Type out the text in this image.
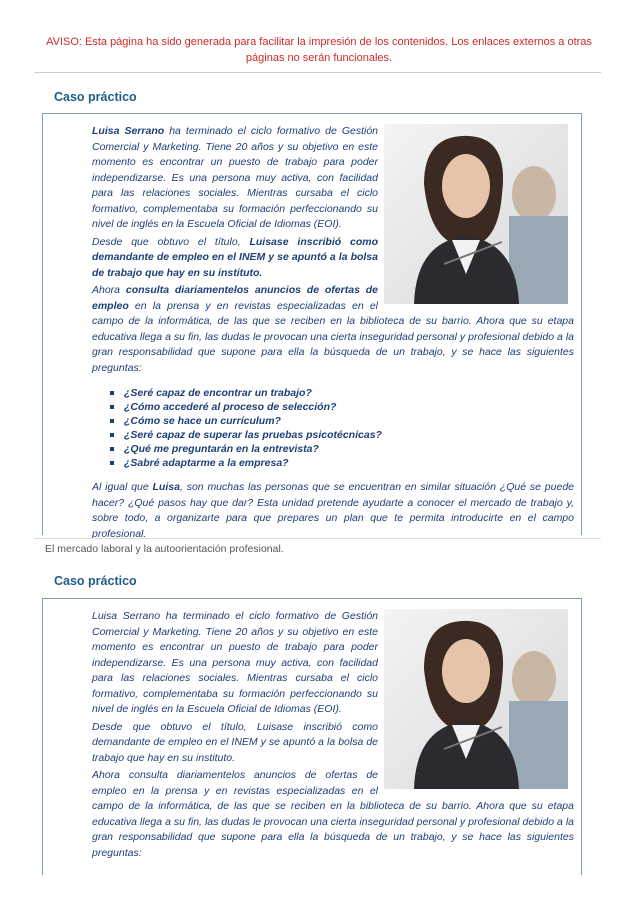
AVISO: Esta página ha sido generada para facilitar la impresión de los contenidos. Los enlaces externos a otras páginas no serán funcionales.
Caso práctico

Luisa Serrano ha terminado el ciclo formativo de Gestión Comercial y Marketing. Tiene 20 años y su objetivo en este momento es encontrar un puesto de trabajo para poder independizarse. Es una persona muy activa, con facilidad para las relaciones sociales. Mientras cursaba el ciclo formativo, complementaba su formación perfeccionando su nivel de inglés en la Escuela Oficial de Idiomas (EOI).

Desde que obtuvo el título, Luisase inscribió como demandante de empleo en el INEM y se apuntó a la bolsa de trabajo que hay en su instituto.

Ahora consulta diariamentelos anuncios de ofertas de empleo en la prensa y en revistas especializadas en el campo de la informática, de las que se reciben en la biblioteca de su barrio. Ahora que su etapa educativa llega a su fin, las dudas le provocan una cierta inseguridad personal y profesional debido a la gran responsabilidad que supone para ella la búsqueda de un trabajo, y se hace las siguientes preguntas:

¿Seré capaz de encontrar un trabajo?
¿Cómo accederé al proceso de selección?
¿Cómo se hace un currículum?
¿Seré capaz de superar las pruebas psicotécnicas?
¿Qué me preguntarán en la entrevista?
¿Sabré adaptarme a la empresa?

Al igual que Luisa, son muchas las personas que se encuentran en similar situación ¿Qué se puede hacer? ¿Qué pasos hay que dar? Esta unidad pretende ayudarte a conocer el mercado de trabajo y, sobre todo, a organizarte para que prepares un plan que te permita introducirte en el campo profesional.

El mercado laboral y la autoorientación profesional.
Caso práctico

Luisa Serrano ha terminado el ciclo formativo de Gestión Comercial y Marketing. Tiene 20 años y su objetivo en este momento es encontrar un puesto de trabajo para poder independizarse. Es una persona muy activa, con facilidad para las relaciones sociales. Mientras cursaba el ciclo formativo, complementaba su formación perfeccionando su nivel de inglés en la Escuela Oficial de Idiomas (EOI).

Desde que obtuvo el título, Luisase inscribió como demandante de empleo en el INEM y se apuntó a la bolsa de trabajo que hay en su instituto.

Ahora consulta diariamentelos anuncios de ofertas de empleo en la prensa y en revistas especializadas en el campo de la informática, de las que se reciben en la biblioteca de su barrio. Ahora que su etapa educativa llega a su fin, las dudas le provocan una cierta inseguridad personal y profesional debido a la gran responsabilidad que supone para ella la búsqueda de un trabajo, y se hace las siguientes preguntas:
